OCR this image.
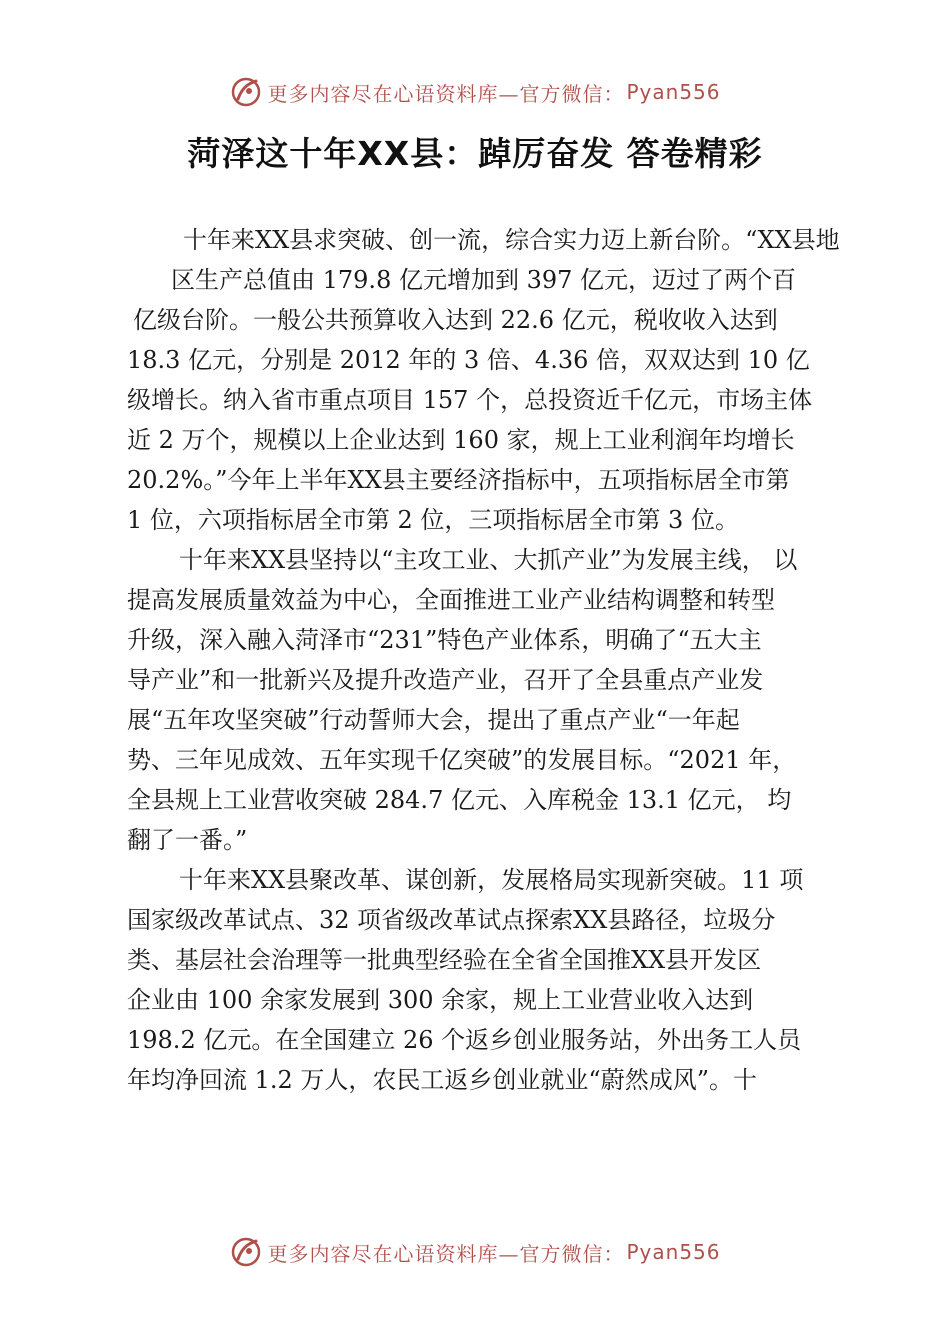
更多内容尽在心语资料库—官方微信： Pyan556
菏泽这十年XX县：踔厉奋发 答卷精彩
十年来XX县求突破、创一流，综合实力迈上新台阶。“XX县地
区生产总值由 179.8 亿元增加到 397 亿元，迈过了两个百
亿级台阶。一般公共预算收入达到 22.6 亿元，税收收入达到
18.3 亿元，分别是 2012 年的 3 倍、4.36 倍，双双达到 10 亿
级增长。纳入省市重点项目 157 个，总投资近千亿元，市场主体
近 2 万个，规模以上企业达到 160 家，规上工业利润年均增长
20.2%。”今年上半年XX县主要经济指标中，五项指标居全市第
1 位，六项指标居全市第 2 位，三项指标居全市第 3 位。
十年来XX县坚持以“主攻工业、大抓产业”为发展主线， 以
提高发展质量效益为中心，全面推进工业产业结构调整和转型
升级，深入融入菏泽市“231”特色产业体系，明确了“五大主
导产业”和一批新兴及提升改造产业，召开了全县重点产业发
展“五年攻坚突破”行动誓师大会，提出了重点产业“一年起
势、三年见成效、五年实现千亿突破”的发展目标。“2021 年，
全县规上工业营收突破 284.7 亿元、入库税金 13.1 亿元， 均
翻了一番。”
十年来XX县聚改革、谋创新，发展格局实现新突破。11 项
国家级改革试点、32 项省级改革试点探索XX县路径，垃圾分
类、基层社会治理等一批典型经验在全省全国推XX县开发区
企业由 100 余家发展到 300 余家，规上工业营业收入达到
198.2 亿元。在全国建立 26 个返乡创业服务站，外出务工人员
年均净回流 1.2 万人，农民工返乡创业就业“蔚然成风”。十
更多内容尽在心语资料库—官方微信： Pyan556
